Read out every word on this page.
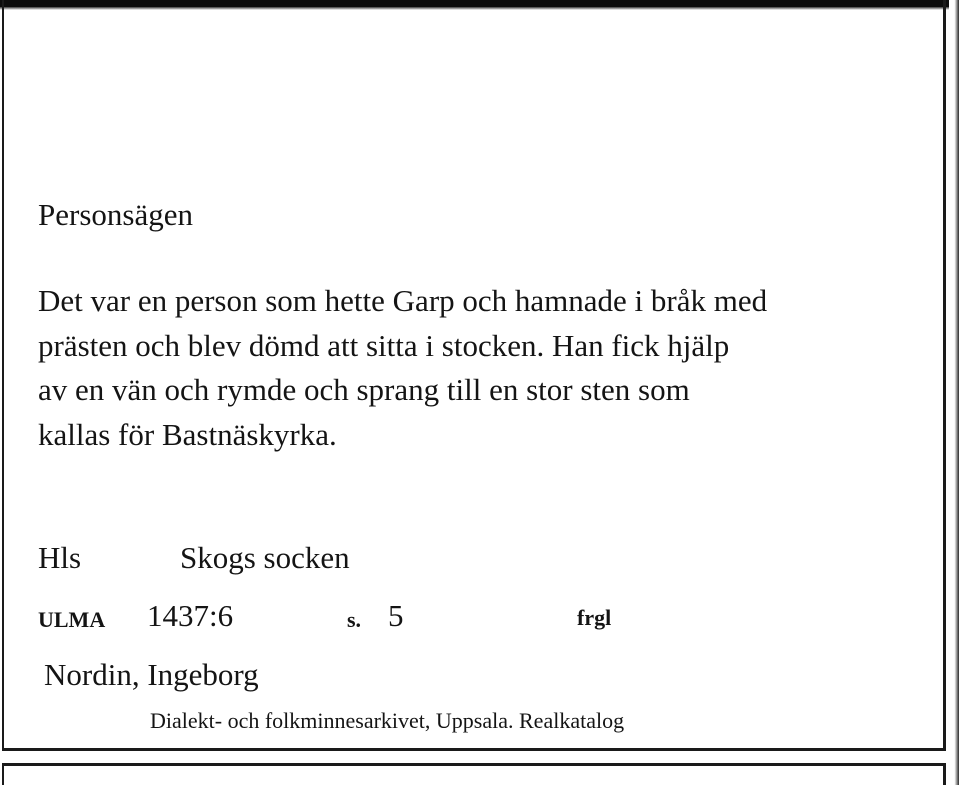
Personsägen

Det var en person som hette Garp och hamnade i bråk med
prästen och blev dömd att sitta i stocken. Han fick hjälp
av en vän och rymde och sprang till en stor sten som
kallas för Bastnäskyrka.

Hls	Skogs socken

ULMA 1437:6	s. 5	frgl

Nordin, Ingeborg

Dialekt- och folkminnesarkivet, Uppsala. Realkatalog
